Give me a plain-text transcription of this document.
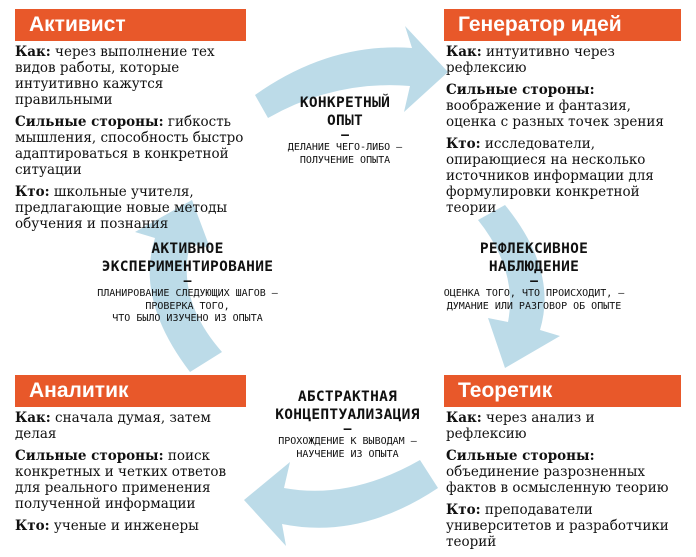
Активист

Как: через выполнение тех видов работы, которые интуитивно кажутся правильными

Сильные стороны: гибкость мышления, способность быстро адаптироваться в конкретной ситуации

Кто: школьные учителя, предлагающие новые методы обучения и познания

Генератор идей

Как: интуитивно через рефлексию

Сильные стороны: воображение и фантазия, оценка с разных точек зрения

Кто: исследователи, опирающиеся на несколько источников информации для формулировки конкретной теории

Аналитик

Как: сначала думая, затем делая

Сильные стороны: поиск конкретных и четких ответов для реального применения полученной информации

Кто: ученые и инженеры

Теоретик

Как: через анализ и рефлексию

Сильные стороны: объединение разрозненных фактов в осмысленную теорию

Кто: преподаватели университетов и разработчики теорий

КОНКРЕТНЫЙ
ОПЫТ
–
ДЕЛАНИЕ ЧЕГО-ЛИБО –
ПОЛУЧЕНИЕ ОПЫТА
РЕФЛЕКСИВНОЕ
НАБЛЮДЕНИЕ
–
ОЦЕНКА ТОГО, ЧТО ПРОИСХОДИТ, –
ДУМАНИЕ ИЛИ РАЗГОВОР ОБ ОПЫТЕ
АБСТРАКТНАЯ
КОНЦЕПТУАЛИЗАЦИЯ
–
ПРОХОЖДЕНИЕ К ВЫВОДАМ –
НАУЧЕНИЕ ИЗ ОПЫТА
АКТИВНОЕ
ЭКСПЕРИМЕНТИРОВАНИЕ
–
ПЛАНИРОВАНИЕ СЛЕДУЮЩИХ ШАГОВ –
ПРОВЕРКА ТОГО,
ЧТО БЫЛО ИЗУЧЕНО ИЗ ОПЫТА
